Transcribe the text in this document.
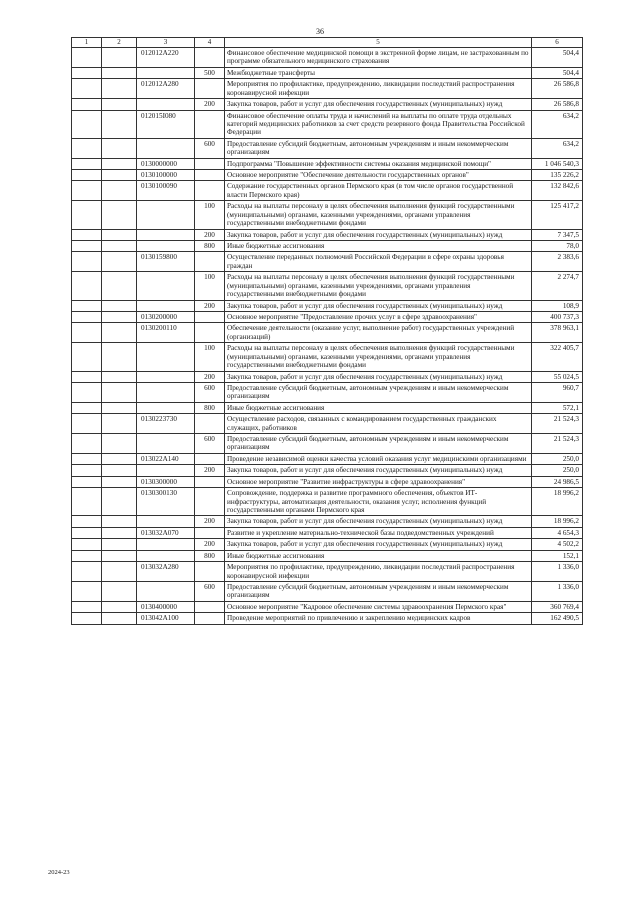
36
1	2	3	4	5	6
		012012А220		Финансовое обеспечение медицинской помощи в экстренной форме лицам, не застрахованным по программе обязательного медицинского страхования	504,4
			500	Межбюджетные трансферты	504,4
		012012А280		Мероприятия по профилактике, предупреждению, ликвидации последствий распространения коронавирусной инфекции	26 586,8
			200	Закупка товаров, работ и услуг для обеспечения государственных (муниципальных) нужд	26 586,8
		012015I080		Финансовое обеспечение оплаты труда и начислений на выплаты по оплате труда отдельных категорий медицинских работников за счет средств резервного фонда Правительства Российской Федерации	634,2
			600	Предоставление субсидий бюджетным, автономным учреждениям и иным некоммерческим организациям	634,2
		0130000000		Подпрограмма "Повышение эффективности системы оказания медицинской помощи"	1 046 540,3
		0130100000		Основное мероприятие "Обеспечение деятельности государственных органов"	135 226,2
		0130100090		Содержание государственных органов Пермского края (в том числе органов государственной власти Пермского края)	132 842,6
			100	Расходы на выплаты персоналу в целях обеспечения выполнения функций государственными (муниципальными) органами, казенными учреждениями, органами управления государственными внебюджетными фондами	125 417,2
			200	Закупка товаров, работ и услуг для обеспечения государственных (муниципальных) нужд	7 347,5
			800	Иные бюджетные ассигнования	78,0
		0130159800		Осуществление переданных полномочий Российской Федерации в сфере охраны здоровья граждан	2 383,6
			100	Расходы на выплаты персоналу в целях обеспечения выполнения функций государственными (муниципальными) органами, казенными учреждениями, органами управления государственными внебюджетными фондами	2 274,7
			200	Закупка товаров, работ и услуг для обеспечения государственных (муниципальных) нужд	108,9
		0130200000		Основное мероприятие "Предоставление прочих услуг в сфере здравоохранения"	400 737,3
		0130200110		Обеспечение деятельности (оказание услуг, выполнение работ) государственных учреждений (организаций)	378 963,1
			100	Расходы на выплаты персоналу в целях обеспечения выполнения функций государственными (муниципальными) органами, казенными учреждениями, органами управления государственными внебюджетными фондами	322 405,7
			200	Закупка товаров, работ и услуг для обеспечения государственных (муниципальных) нужд	55 024,5
			600	Предоставление субсидий бюджетным, автономным учреждениям и иным некоммерческим организациям	960,7
			800	Иные бюджетные ассигнования	572,1
		0130223730		Осуществление расходов, связанных с командированием государственных гражданских служащих, работников	21 524,3
			600	Предоставление субсидий бюджетным, автономным учреждениям и иным некоммерческим организациям	21 524,3
		013022А140		Проведение независимой оценки качества условий оказания услуг медицинскими организациями	250,0
			200	Закупка товаров, работ и услуг для обеспечения государственных (муниципальных) нужд	250,0
		0130300000		Основное мероприятие "Развитие инфраструктуры в сфере здравоохранения"	24 986,5
		0130300130		Сопровождение, поддержка и развитие программного обеспечения, объектов ИТ-инфраструктуры, автоматизация деятельности, оказания услуг, исполнения функций государственными органами Пермского края	18 996,2
			200	Закупка товаров, работ и услуг для обеспечения государственных (муниципальных) нужд	18 996,2
		013032А070		Развитие и укрепление материально-технической базы подведомственных учреждений	4 654,3
			200	Закупка товаров, работ и услуг для обеспечения государственных (муниципальных) нужд	4 502,2
			800	Иные бюджетные ассигнования	152,1
		013032А280		Мероприятия по профилактике, предупреждению, ликвидации последствий распространения коронавирусной инфекции	1 336,0
			600	Предоставление субсидий бюджетным, автономным учреждениям и иным некоммерческим организациям	1 336,0
		0130400000		Основное мероприятие "Кадровое обеспечение системы здравоохранения Пермского края"	360 769,4
		013042А100		Проведение мероприятий по привлечению и закреплению медицинских кадров	162 490,5
2024-23
